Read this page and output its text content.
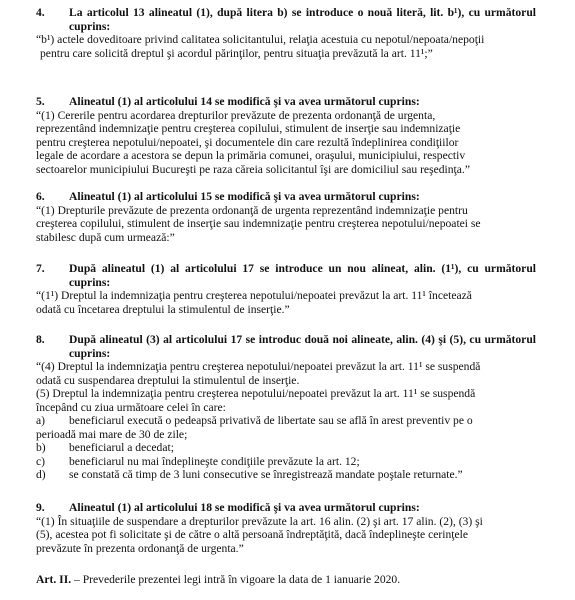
4.	La articolul 13 alineatul (1), după litera b) se introduce o nouă literă, lit. b¹), cu următorul cuprins:
“b¹) actele doveditoare privind calitatea solicitantului, relaţia acestuia cu nepotul/nepoata/nepoţii
pentru care solicită dreptul şi acordul părinţilor, pentru situaţia prevăzută la art. 11¹;”
5.	Alineatul (1) al articolului 14 se modifică şi va avea următorul cuprins:
“(1) Cererile pentru acordarea drepturilor prevăzute de prezenta ordonanţă de urgenta,
reprezentând indemnizaţie pentru creşterea copilului, stimulent de inserţie sau indemnizaţie
pentru creşterea nepotului/nepoatei, şi documentele din care rezultă îndeplinirea condiţiilor
legale de acordare a acestora se depun la primăria comunei, oraşului, municipiului, respectiv
sectoarelor municipiului Bucureşti pe raza căreia solicitantul îşi are domiciliul sau reşedinţa.”
6.	Alineatul (1) al articolului 15 se modifică şi va avea următorul cuprins:
“(1) Drepturile prevăzute de prezenta ordonanţă de urgenta reprezentând indemnizaţie pentru
creşterea copilului, stimulent de inserţie sau indemnizaţie pentru creşterea nepotului/nepoatei se
stabilesc după cum urmează:”
7.	După alineatul (1) al articolului 17 se introduce un nou alineat, alin. (1¹), cu următorul cuprins:
“(1¹) Dreptul la indemnizaţia pentru creşterea nepotului/nepoatei prevăzut la art. 11¹ încetează
odată cu încetarea dreptului la stimulentul de inserţie.”
8.	După alineatul (3) al articolului 17 se introduc două noi alineate, alin. (4) şi (5), cu următorul cuprins:
“(4) Dreptul la indemnizaţia pentru creşterea nepotului/nepoatei prevăzut la art. 11¹ se suspendă
odată cu suspendarea dreptului la stimulentul de inserţie.
(5) Dreptul la indemnizaţia pentru creşterea nepotului/nepoatei prevăzut la art. 11¹ se suspendă
începând cu ziua următoare celei în care:
a)	beneficiarul execută o pedeapsă privativă de libertate sau se află în arest preventiv pe o
perioadă mai mare de 30 de zile;
b)	beneficiarul a decedat;
c)	beneficiarul nu mai îndeplineşte condiţiile prevăzute la art. 12;
d)	se constată că timp de 3 luni consecutive se înregistrează mandate poştale returnate.”
9.	Alineatul (1) al articolului 18 se modifică şi va avea următorul cuprins:
“(1) În situaţiile de suspendare a drepturilor prevăzute la art. 16 alin. (2) şi art. 17 alin. (2), (3) şi
(5), acestea pot fi solicitate şi de către o altă persoană îndreptăţită, dacă îndeplineşte cerinţele
prevăzute în prezenta ordonanţă de urgenta.”
Art. II. – Prevederile prezentei legi intră în vigoare la data de 1 ianuarie 2020.
